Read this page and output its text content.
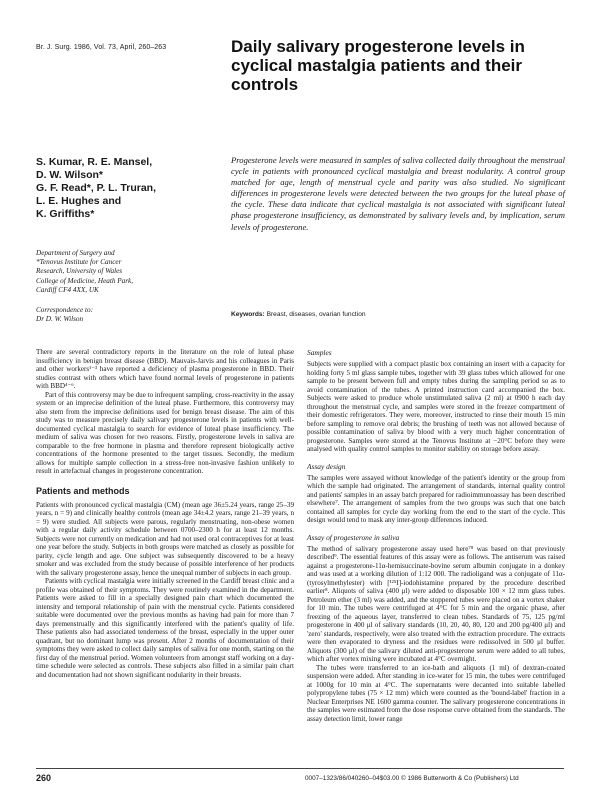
Br. J. Surg. 1986, Vol. 73, April, 260–263	Daily salivary progesterone levels in cyclical mastalgia patients and their controls
S. Kumar, R. E. Mansel,
D. W. Wilson*
G. F. Read*, P. L. Truran,
L. E. Hughes and
K. Griffiths*
Department of Surgery and
*Tenovus Institute for Cancer
Research, University of Wales
College of Medicine, Heath Park,
Cardiff CF4 4XX, UK
Correspondence to:
Dr D. W. Wilson

Progesterone levels were measured in samples of saliva collected daily throughout the menstrual cycle in patients with pronounced cyclical mastalgia and breast nodularity. A control group matched for age, length of menstrual cycle and parity was also studied. No significant differences in progesterone levels were detected between the two groups for the luteal phase of the cycle. These data indicate that cyclical mastalgia is not associated with significant luteal phase progesterone insufficiency, as demonstrated by salivary levels and, by implication, serum levels of progesterone.

Keywords: Breast, diseases, ovarian function

There are several contradictory reports in the literature on the role of luteal phase insufficiency in benign breast disease (BBD). Mauvais-Jarvis and his colleagues in Paris and other workers¹⁻³ have reported a deficiency of plasma progesterone in BBD. Their studies contrast with others which have found normal levels of progesterone in patients with BBD⁴⁻⁶.

Part of this controversy may be due to infrequent sampling, cross-reactivity in the assay system or an imprecise definition of the luteal phase. Furthermore, this controversy may also stem from the imprecise definitions used for benign breast disease. The aim of this study was to measure precisely daily salivary progesterone levels in patients with well-documented cyclical mastalgia to search for evidence of luteal phase insufficiency. The medium of saliva was chosen for two reasons. Firstly, progesterone levels in saliva are comparable to the free hormone in plasma and therefore represent biologically active concentrations of the hormone presented to the target tissues. Secondly, the medium allows for multiple sample collection in a stress-free non-invasive fashion unlikely to result in artefactual changes in progesterone concentration.

Patients and methods

Patients with pronounced cyclical mastalgia (CM) (mean age 36±5.24 years, range 25–39 years, n = 9) and clinically healthy controls (mean age 34±4.2 years, range 21–39 years, n = 9) were studied. All subjects were parous, regularly menstruating, non-obese women with a regular daily activity schedule between 0700–2300 h for at least 12 months. Subjects were not currently on medication and had not used oral contraceptives for at least one year before the study. Subjects in both groups were matched as closely as possible for parity, cycle length and age. One subject was subsequently discovered to be a heavy smoker and was excluded from the study because of possible interference of her products with the salivary progesterone assay, hence the unequal number of subjects in each group.

Patients with cyclical mastalgia were initially screened in the Cardiff breast clinic and a profile was obtained of their symptoms. They were routinely examined in the department. Patients were asked to fill in a specially designed pain chart which documented the intensity and temporal relationship of pain with the menstrual cycle. Patients considered suitable were documented over the previous months as having had pain for more than 7 days premenstrually and this significantly interfered with the patient's quality of life. These patients also had associated tenderness of the breast, especially in the upper outer quadrant, but no dominant lump was present. After 2 months of documentation of their symptoms they were asked to collect daily samples of saliva for one month, starting on the first day of the menstrual period. Women volunteers from amongst staff working on a day-time schedule were selected as controls. These subjects also filled in a similar pain chart and documentation had not shown significant nodularity in their breasts.

Samples

Subjects were supplied with a compact plastic box containing an insert with a capacity for holding forty 5 ml glass sample tubes, together with 39 glass tubes which allowed for one sample to be present between full and empty tubes during the sampling period so as to avoid contamination of the tubes. A printed instruction card accompanied the box. Subjects were asked to produce whole unstimulated saliva (2 ml) at 0900 h each day throughout the menstrual cycle, and samples were stored in the freezer compartment of their domestic refrigerators. They were, moreover, instructed to rinse their mouth 15 min before sampling to remove oral debris; the brushing of teeth was not allowed because of possible contamination of saliva by blood with a very much higher concentration of progesterone. Samples were stored at the Tenovus Institute at −20°C before they were analysed with quality control samples to monitor stability on storage before assay.

Assay design

The samples were assayed without knowledge of the patient's identity or the group from which the sample had originated. The arrangement of standards, internal quality control and patients' samples in an assay batch prepared for radioimmunoassay has been described elsewhere⁷. The arrangement of samples from the two groups was such that one batch contained all samples for cycle day working from the end to the start of the cycle. This design would tend to mask any inter-group differences induced.

Assay of progesterone in saliva

The method of salivary progesterone assay used here⁷⁸ was based on that previously described⁹. The essential features of this assay were as follows. The antiserum was raised against a progesterone-11α-hemisuccinate-bovine serum albumin conjugate in a donkey and was used at a working dilution of 1:12 000. The radioligand was a conjugate of 11α-(tyrosylmethylester) with [¹²⁵I]-iodohistamine prepared by the procedure described earlier⁸. Aliquots of saliva (400 μl) were added to disposable 100 × 12 mm glass tubes. Petroleum ether (3 ml) was added, and the stoppered tubes were placed on a vortex shaker for 10 min. The tubes were centrifuged at 4°C for 5 min and the organic phase, after freezing of the aqueous layer, transferred to clean tubes. Standards of 75, 125 pg/ml progesterone in 400 μl of salivary standards (10, 20, 40, 80, 120 and 200 pg/400 μl) and 'zero' standards, respectively, were also treated with the extraction procedure. The extracts were then evaporated to dryness and the residues were redissolved in 500 μl buffer. Aliquots (300 μl) of the salivary diluted anti-progesterone serum were added to all tubes, which after vortex mixing were incubated at 4°C overnight.

The tubes were transferred to an ice-bath and aliquots (1 ml) of dextran-coated suspension were added. After standing in ice-water for 15 min, the tubes were centrifuged at 1000g for 10 min at 4°C. The supernatants were decanted into suitable labelled polypropylene tubes (75 × 12 mm) which were counted as the 'bound-label' fraction in a Nuclear Enterprises NE 1600 gamma counter. The salivary progesterone concentrations in the samples were estimated from the dose response curve obtained from the standards. The assay detection limit, lower range

260	0007–1323/86/040260–04$03.00 © 1986 Butterworth & Co (Publishers) Ltd
